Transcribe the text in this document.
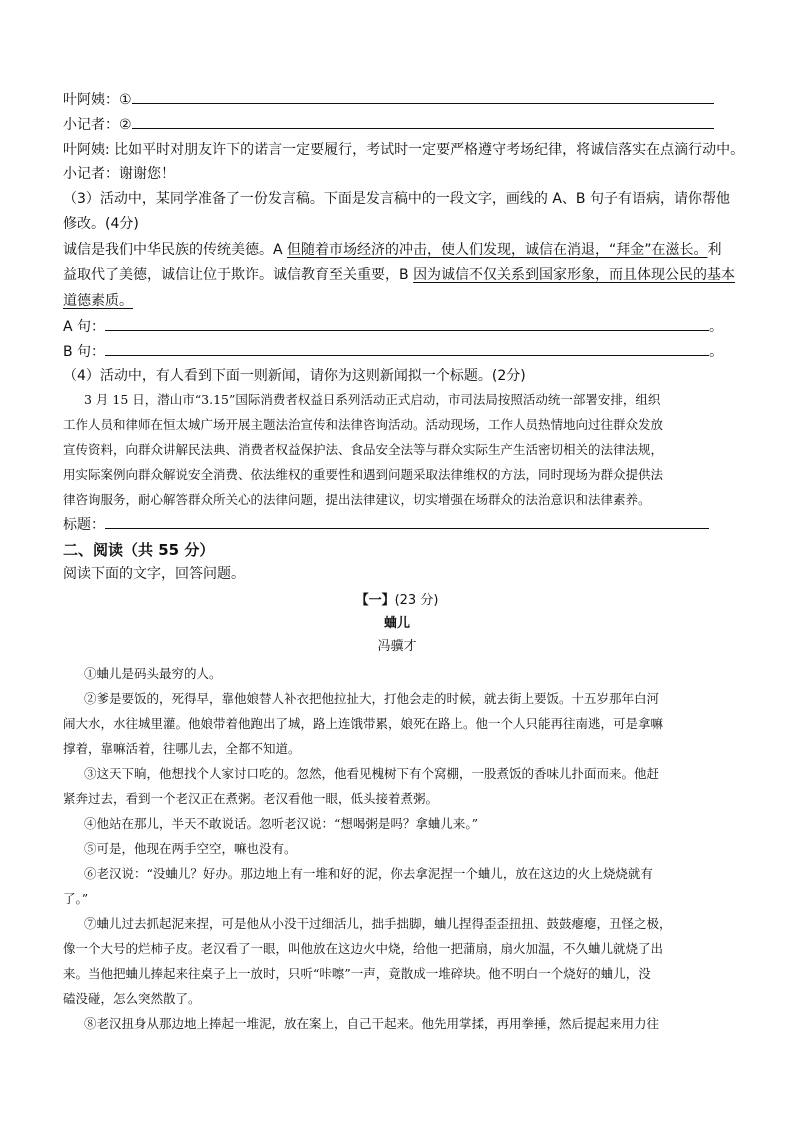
叶阿姨：①
小记者：②
叶阿姨: 比如平时对朋友许下的诺言一定要履行，考试时一定要严格遵守考场纪律，将诚信落实在点滴行动中。
小记者：谢谢您！
（3）活动中，某同学准备了一份发言稿。下面是发言稿中的一段文字，画线的 A、B 句子有语病，请你帮他
修改。(4分)
诚信是我们中华民族的传统美德。A 但随着市场经济的冲击，使人们发现，诚信在消退，“拜金”在滋长。利
益取代了美德，诚信让位于欺诈。诚信教育至关重要，B 因为诚信不仅关系到国家形象，而且体现公民的基本
道德素质。
A 句：	。
B 句：	。
（4）活动中，有人看到下面一则新闻，请你为这则新闻拟一个标题。(2分)
3 月 15 日，潜山市“3.15”国际消费者权益日系列活动正式启动，市司法局按照活动统一部署安排，组织
工作人员和律师在恒太城广场开展主题法治宣传和法律咨询活动。活动现场，工作人员热情地向过往群众发放
宣传资料，向群众讲解民法典、消费者权益保护法、食品安全法等与群众实际生产生活密切相关的法律法规，
用实际案例向群众解说安全消费、依法维权的重要性和遇到问题采取法律维权的方法，同时现场为群众提供法
律咨询服务，耐心解答群众所关心的法律问题，提出法律建议，切实增强在场群众的法治意识和法律素养。
标题：
二、阅读（共 55 分）
阅读下面的文字，回答问题。
【一】(23 分)
蛐儿
冯骥才
①蛐儿是码头最穷的人。
②爹是要饭的，死得早，靠他娘替人补衣把他拉扯大，打他会走的时候，就去街上要饭。十五岁那年白河
闹大水，水往城里灌。他娘带着他跑出了城，路上连饿带累，娘死在路上。他一个人只能再往南逃，可是拿嘛
撑着，靠嘛活着，往哪儿去，全都不知道。
③这天下晌，他想找个人家讨口吃的。忽然，他看见槐树下有个窝棚，一股煮饭的香味儿扑面而来。他赶
紧奔过去，看到一个老汉正在煮粥。老汉看他一眼，低头接着煮粥。
④他站在那儿，半天不敢说话。忽听老汉说：“想喝粥是吗？拿蛐儿来。”
⑤可是，他现在两手空空，嘛也没有。
⑥老汉说：“没蛐儿？好办。那边地上有一堆和好的泥，你去拿泥捏一个蛐儿，放在这边的火上烧烧就有
了。”
⑦蛐儿过去抓起泥来捏，可是他从小没干过细活儿，拙手拙脚，蛐儿捏得歪歪扭扭、鼓鼓瘪瘪，丑怪之极，
像一个大号的烂柿子皮。老汉看了一眼，叫他放在这边火中烧，给他一把蒲扇，扇火加温，不久蛐儿就烧了出
来。当他把蛐儿捧起来往桌子上一放时，只听“咔嚓”一声，竟散成一堆碎块。他不明白一个烧好的蛐儿，没
磕没碰，怎么突然散了。
⑧老汉扭身从那边地上捧起一堆泥，放在案上，自己干起来。他先用掌揉，再用拳捶，然后提起来用力往
